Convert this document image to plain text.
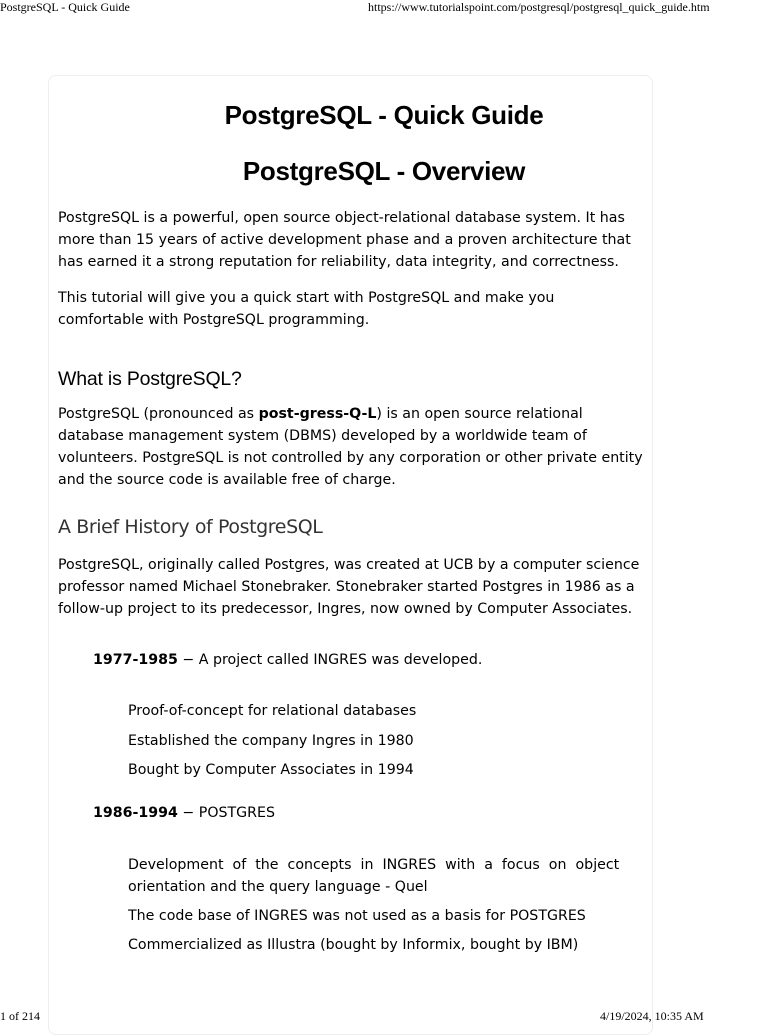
PostgreSQL - Quick Guide	https://www.tutorialspoint.com/postgresql/postgresql_quick_guide.htm
PostgreSQL - Quick Guide
PostgreSQL - Overview
PostgreSQL is a powerful, open source object-relational database system. It has
more than 15 years of active development phase and a proven architecture that
has earned it a strong reputation for reliability, data integrity, and correctness.
This tutorial will give you a quick start with PostgreSQL and make you
comfortable with PostgreSQL programming.
What is PostgreSQL?
PostgreSQL (pronounced as post-gress-Q-L) is an open source relational
database management system (DBMS) developed by a worldwide team of
volunteers. PostgreSQL is not controlled by any corporation or other private entity
and the source code is available free of charge.
A Brief History of PostgreSQL
PostgreSQL, originally called Postgres, was created at UCB by a computer science
professor named Michael Stonebraker. Stonebraker started Postgres in 1986 as a
follow-up project to its predecessor, Ingres, now owned by Computer Associates.
1977-1985 − A project called INGRES was developed.
Proof-of-concept for relational databases
Established the company Ingres in 1980
Bought by Computer Associates in 1994
1986-1994 − POSTGRES
Development  of  the  concepts  in  INGRES  with  a  focus  on  object
orientation and the query language - Quel
The code base of INGRES was not used as a basis for POSTGRES
Commercialized as Illustra (bought by Informix, bought by IBM)
1 of 214	4/19/2024, 10:35 AM
